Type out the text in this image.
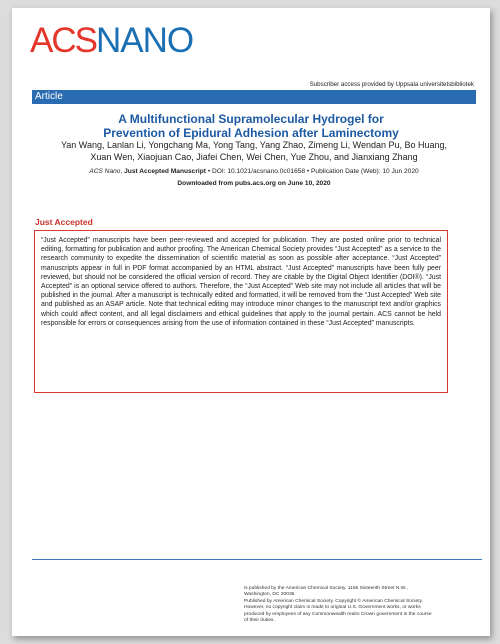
ACSNANO
Subscriber access provided by Uppsala universitetsbibliotek
Article
A Multifunctional Supramolecular Hydrogel for
Prevention of Epidural Adhesion after Laminectomy
Yan Wang, Lanlan Li, Yongchang Ma, Yong Tang, Yang Zhao, Zimeng Li, Wendan Pu, Bo Huang, Xuan Wen, Xiaojuan Cao, Jiafei Chen, Wei Chen, Yue Zhou, and Jianxiang Zhang
ACS Nano, Just Accepted Manuscript • DOI: 10.1021/acsnano.0c01658 • Publication Date (Web): 10 Jun 2020
Downloaded from pubs.acs.org on June 10, 2020
Just Accepted
“Just Accepted” manuscripts have been peer-reviewed and accepted for publication. They are posted online prior to technical editing, formatting for publication and author proofing. The American Chemical Society provides “Just Accepted” as a service to the research community to expedite the dissemination of scientific material as soon as possible after acceptance. “Just Accepted” manuscripts appear in full in PDF format accompanied by an HTML abstract. “Just Accepted” manuscripts have been fully peer reviewed, but should not be considered the official version of record. They are citable by the Digital Object Identifier (DOI®). “Just Accepted” is an optional service offered to authors. Therefore, the “Just Accepted” Web site may not include all articles that will be published in the journal. After a manuscript is technically edited and formatted, it will be removed from the “Just Accepted” Web site and published as an ASAP article. Note that technical editing may introduce minor changes to the manuscript text and/or graphics which could affect content, and all legal disclaimers and ethical guidelines that apply to the journal pertain. ACS cannot be held responsible for errors or consequences arising from the use of information contained in these “Just Accepted” manuscripts.
is published by the American Chemical Society. 1155 Sixteenth Street N.W.,
Washington, DC 20036
Published by American Chemical Society. Copyright © American Chemical Society.
However, no copyright claim is made to original U.S. Government works, or works
produced by employees of any Commonwealth realm Crown government in the course
of their duties.
